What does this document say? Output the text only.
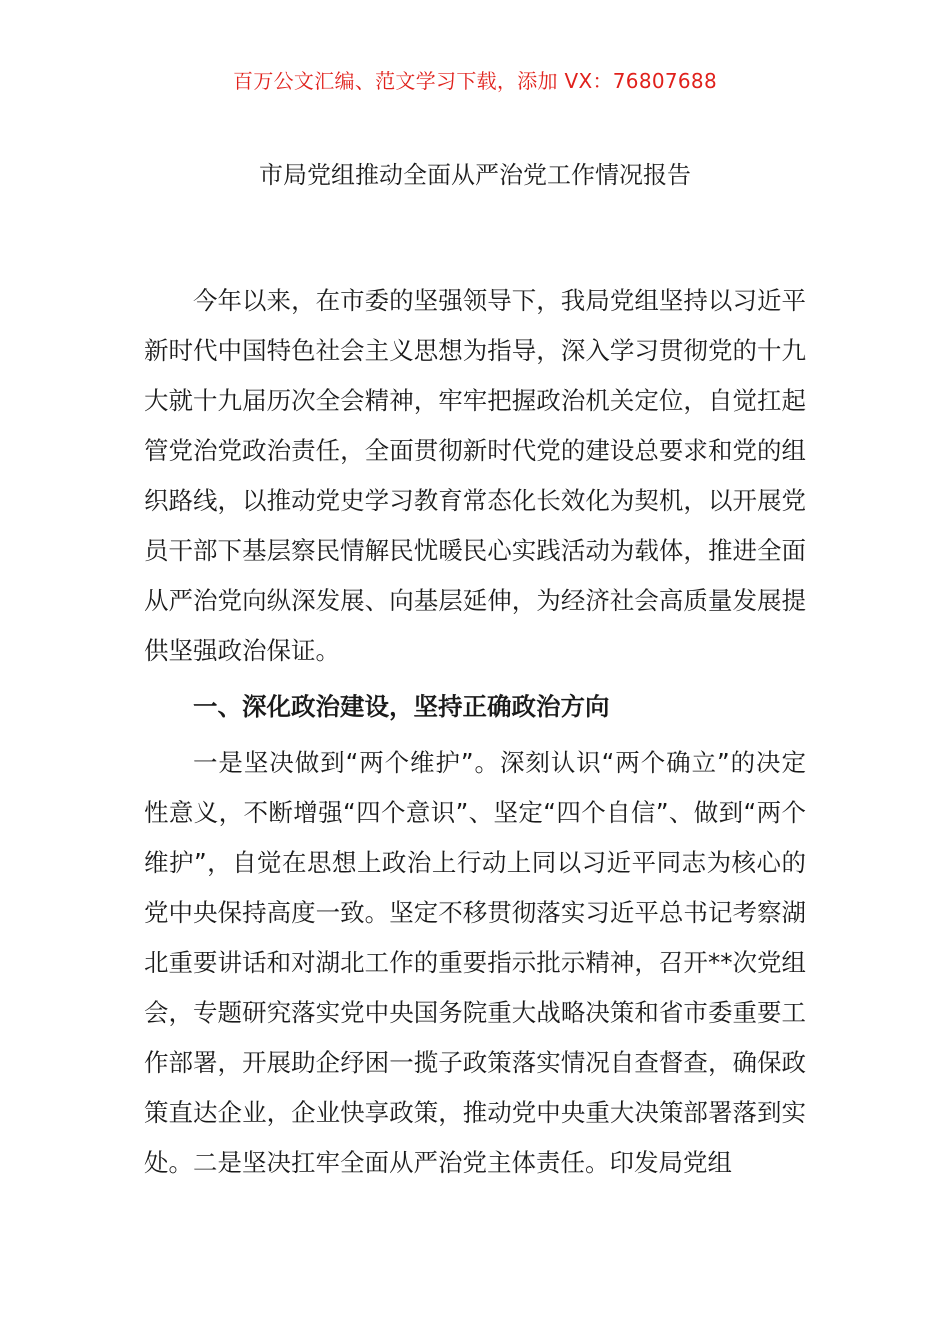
百万公文汇编、范文学习下载，添加 VX：76807688
市局党组推动全面从严治党工作情况报告
今年以来，在市委的坚强领导下，我局党组坚持以习近平新时代中国特色社会主义思想为指导，深入学习贯彻党的十九大就十九届历次全会精神，牢牢把握政治机关定位，自觉扛起管党治党政治责任，全面贯彻新时代党的建设总要求和党的组织路线，以推动党史学习教育常态化长效化为契机，以开展党员干部下基层察民情解民忧暖民心实践活动为载体，推进全面从严治党向纵深发展、向基层延伸，为经济社会高质量发展提供坚强政治保证。
一、深化政治建设，坚持正确政治方向
一是坚决做到“两个维护”。深刻认识“两个确立”的决定性意义，不断增强“四个意识”、坚定“四个自信”、做到“两个维护”，自觉在思想上政治上行动上同以习近平同志为核心的党中央保持高度一致。坚定不移贯彻落实习近平总书记考察湖北重要讲话和对湖北工作的重要指示批示精神，召开**次党组会，专题研究落实党中央国务院重大战略决策和省市委重要工作部署，开展助企纾困一揽子政策落实情况自查督查，确保政策直达企业，企业快享政策，推动党中央重大决策部署落到实处。二是坚决扛牢全面从严治党主体责任。印发局党组
